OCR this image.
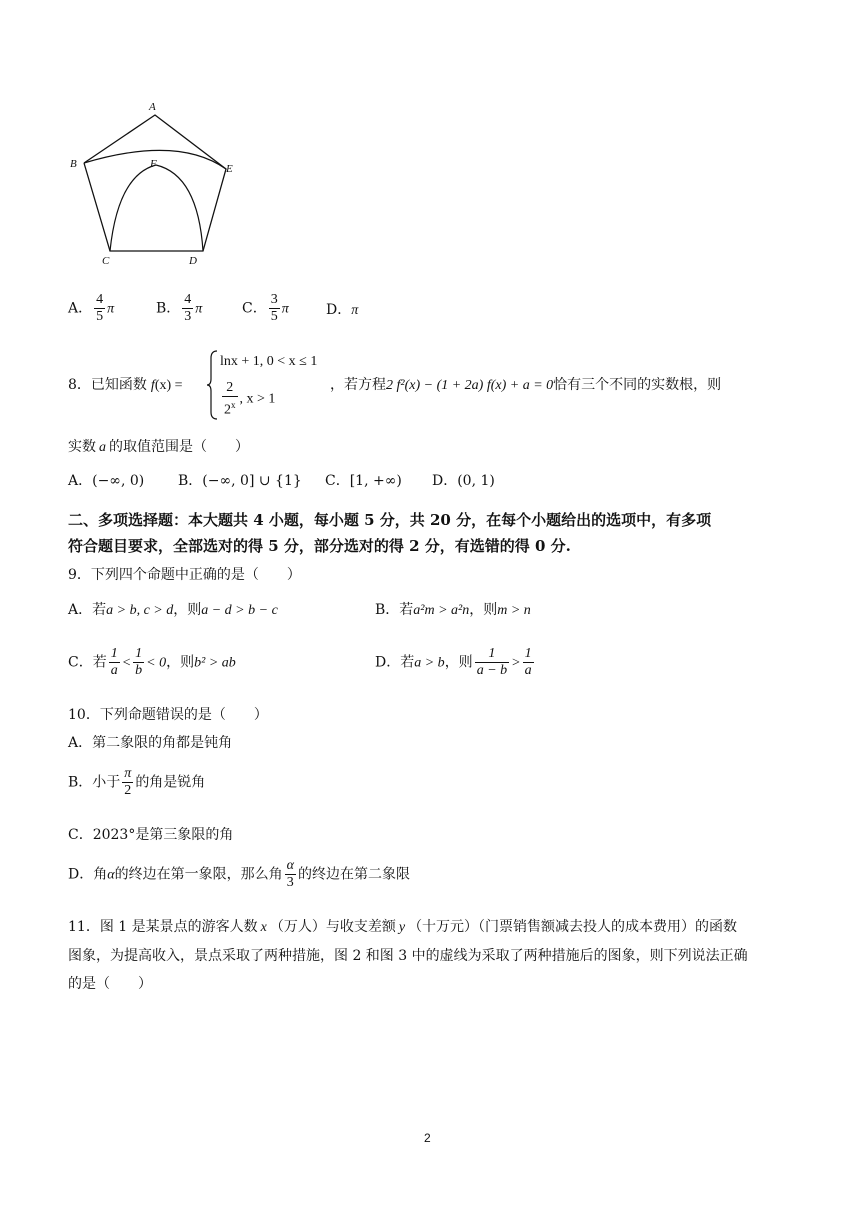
A
B	F	E
C	D
A． $\frac{4}{5}$ π	B． $\frac{4}{3}$ π	C． $\frac{3}{5}$ π	D．π
8．已知函数 f(x) =
lnx + 1, 0 < x ≤ 1
$\frac{2}{2^x}$ , x > 1
，若方程2 f²(x) − (1 + 2a) f(x) + a = 0恰有三个不同的实数根，则
实数 a 的取值范围是（　　）
A．(−∞, 0) B．(−∞, 0] ∪ {1} C．[1, +∞) D．(0, 1)
二、多项选择题：本大题共 4 小题，每小题 5 分，共 20 分，在每个小题给出的选项中，有多项
符合题目要求，全部选对的得 5 分，部分选对的得 2 分，有选错的得 0 分.
9．下列四个命题中正确的是（　　）
A．若a > b, c > d，则a − d > b − c	B．若a²m > a²n，则m > n
C．若 $\frac{1}{a} < \frac{1}{b} < 0$，则b² > ab	D．若a > b，则 $\frac{1}{a - b} > \frac{1}{a}$
10．下列命题错误的是（　　）
A．第二象限的角都是钝角
B．小于 $\frac{\pi}{2}$ 的角是锐角
C．2023°是第三象限的角
D．角α的终边在第一象限，那么角 $\frac{\alpha}{3}$ 的终边在第二象限
11．图 1 是某景点的游客人数 x （万人）与收支差额 y （十万元）（门票销售额减去投人的成本费用）的函数
图象，为提高收入，景点采取了两种措施，图 2 和图 3 中的虚线为采取了两种措施后的图象，则下列说法正确
的是（　　）
2
